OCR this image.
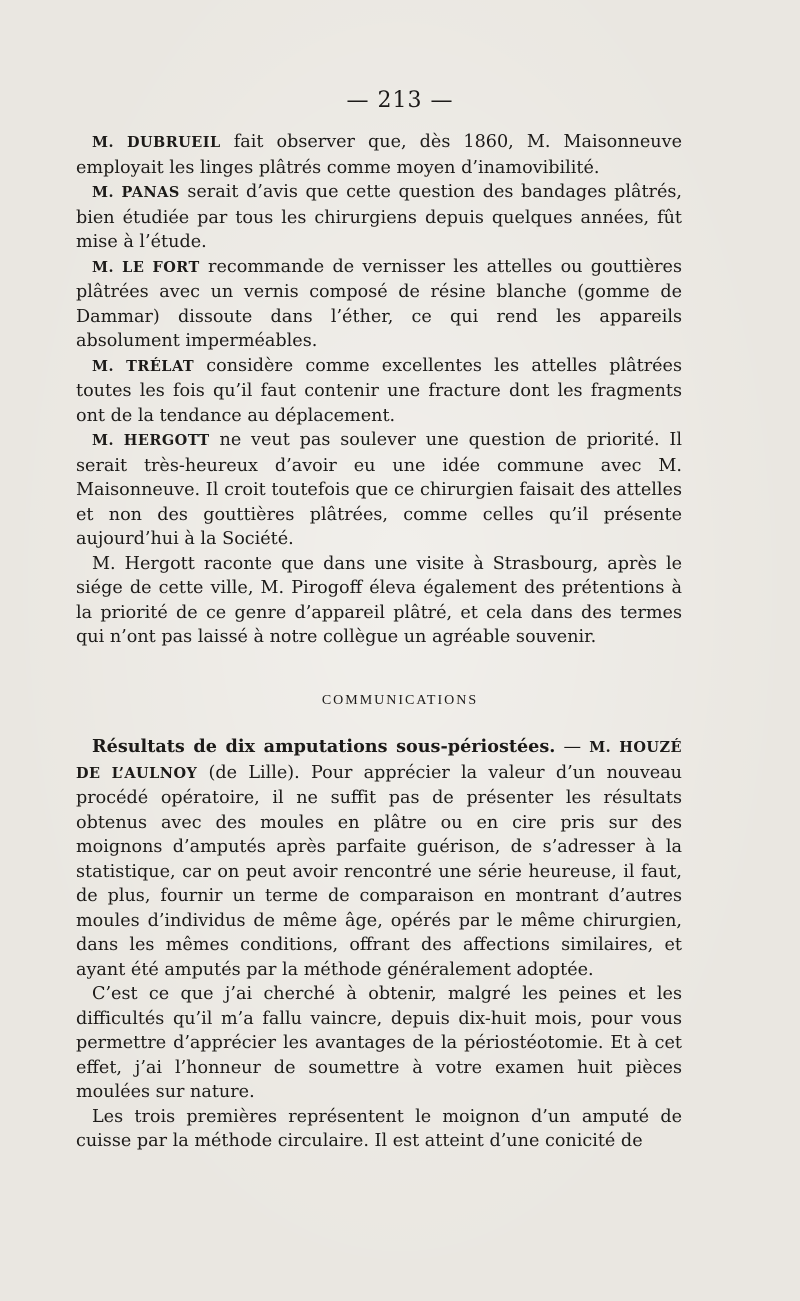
— 213 —

M. DUBRUEIL fait observer que, dès 1860, M. Maisonneuve employait les linges plâtrés comme moyen d’inamovibilité.

M. PANAS serait d’avis que cette question des bandages plâtrés, bien étudiée par tous les chirurgiens depuis quelques années, fût mise à l’étude.

M. LE FORT recommande de vernisser les attelles ou gouttières plâtrées avec un vernis composé de résine blanche (gomme de Dammar) dissoute dans l’éther, ce qui rend les appareils absolument imperméables.

M. TRÉLAT considère comme excellentes les attelles plâtrées toutes les fois qu’il faut contenir une fracture dont les fragments ont de la tendance au déplacement.

M. HERGOTT ne veut pas soulever une question de priorité. Il serait très-heureux d’avoir eu une idée commune avec M. Maisonneuve. Il croit toutefois que ce chirurgien faisait des attelles et non des gouttières plâtrées, comme celles qu’il présente aujourd’hui à la Société.

M. Hergott raconte que dans une visite à Strasbourg, après le siége de cette ville, M. Pirogoff éleva également des prétentions à la priorité de ce genre d’appareil plâtré, et cela dans des termes qui n’ont pas laissé à notre collègue un agréable souvenir.

COMMUNICATIONS

Résultats de dix amputations sous-périostées. — M. HOUZÉ DE L’AULNOY (de Lille). Pour apprécier la valeur d’un nouveau procédé opératoire, il ne suffit pas de présenter les résultats obtenus avec des moules en plâtre ou en cire pris sur des moignons d’amputés après parfaite guérison, de s’adresser à la statistique, car on peut avoir rencontré une série heureuse, il faut, de plus, fournir un terme de comparaison en montrant d’autres moules d’individus de même âge, opérés par le même chirurgien, dans les mêmes conditions, offrant des affections similaires, et ayant été amputés par la méthode généralement adoptée.

C’est ce que j’ai cherché à obtenir, malgré les peines et les difficultés qu’il m’a fallu vaincre, depuis dix-huit mois, pour vous permettre d’apprécier les avantages de la périostéotomie. Et à cet effet, j’ai l’honneur de soumettre à votre examen huit pièces moulées sur nature.

Les trois premières représentent le moignon d’un amputé de cuisse par la méthode circulaire. Il est atteint d’une conicité de
